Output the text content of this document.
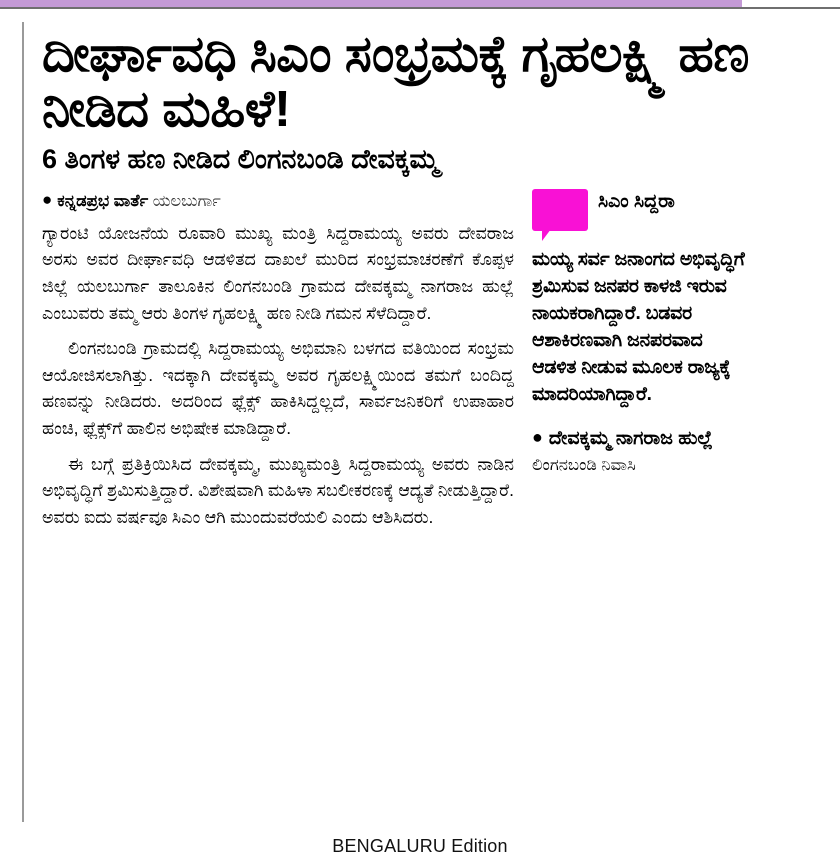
ದೀರ್ಘಾವಧಿ ಸಿಎಂ ಸಂಭ್ರಮಕ್ಕೆ ಗೃಹಲಕ್ಷ್ಮಿ ಹಣ ನೀಡಿದ ಮಹಿಳೆ!
6 ತಿಂಗಳ ಹಣ ನೀಡಿದ ಲಿಂಗನಬಂಡಿ ದೇವಕ್ಕಮ್ಮ
● ಕನ್ನಡಪ್ರಭ ವಾರ್ತೆ ಯಲಬುರ್ಗಾ

ಗ್ಯಾರಂಟಿ ಯೋಜನೆಯ ರೂವಾರಿ ಮುಖ್ಯ ಮಂತ್ರಿ ಸಿದ್ದರಾಮಯ್ಯ ಅವರು ದೇವರಾಜ ಅರಸು ಅವರ ದೀರ್ಘಾವಧಿ ಆಡಳಿತದ ದಾಖಲೆ ಮುರಿದ ಸಂಭ್ರಮಾಚರಣೆಗೆ ಕೊಪ್ಪಳ ಜಿಲ್ಲೆ ಯಲಬುರ್ಗಾ ತಾಲೂಕಿನ ಲಿಂಗನಬಂಡಿ ಗ್ರಾಮದ ದೇವಕ್ಕಮ್ಮ ನಾಗರಾಜ ಹುಲ್ಲೆ ಎಂಬುವರು ತಮ್ಮ ಆರು ತಿಂಗಳ ಗೃಹಲಕ್ಷ್ಮಿ ಹಣ ನೀಡಿ ಗಮನ ಸೆಳೆದಿದ್ದಾರೆ.

ಲಿಂಗನಬಂಡಿ ಗ್ರಾಮದಲ್ಲಿ ಸಿದ್ದರಾಮಯ್ಯ ಅಭಿಮಾನಿ ಬಳಗದ ವತಿಯಿಂದ ಸಂಭ್ರಮ ಆಯೋಜಿಸಲಾಗಿತ್ತು. ಇದಕ್ಕಾಗಿ ದೇವಕ್ಕಮ್ಮ ಅವರ ಗೃಹಲಕ್ಷ್ಮಿಯಿಂದ ತಮಗೆ ಬಂದಿದ್ದ ಹಣವನ್ನು ನೀಡಿದರು. ಅದರಿಂದ ಫ್ಲೆಕ್ಸ್ ಹಾಕಿಸಿದ್ದಲ್ಲದೆ, ಸಾರ್ವಜನಿಕರಿಗೆ ಉಪಾಹಾರ ಹಂಚಿ, ಫ್ಲೆಕ್ಸ್‌ಗೆ ಹಾಲಿನ ಅಭಿಷೇಕ ಮಾಡಿದ್ದಾರೆ.

ಈ ಬಗ್ಗೆ ಪ್ರತಿಕ್ರಿಯಿಸಿದ ದೇವಕ್ಕಮ್ಮ, ಮುಖ್ಯಮಂತ್ರಿ ಸಿದ್ದರಾಮಯ್ಯ ಅವರು ನಾಡಿನ ಅಭಿವೃದ್ಧಿಗೆ ಶ್ರಮಿಸುತ್ತಿದ್ದಾರೆ. ವಿಶೇಷವಾಗಿ ಮಹಿಳಾ ಸಬಲೀಕರಣಕ್ಕೆ ಆದ್ಯತೆ ನೀಡುತ್ತಿದ್ದಾರೆ. ಅವರು ಐದು ವರ್ಷವೂ ಸಿಎಂ ಆಗಿ ಮುಂದುವರೆಯಲಿ ಎಂದು ಆಶಿಸಿದರು.

ಸಿಎಂ ಸಿದ್ದರಾ

ಮಯ್ಯ ಸರ್ವ ಜನಾಂಗದ ಅಭಿವೃದ್ಧಿಗೆ ಶ್ರಮಿಸುವ ಜನಪರ ಕಾಳಜಿ ಇರುವ ನಾಯಕರಾಗಿದ್ದಾರೆ. ಬಡವರ ಆಶಾಕಿರಣವಾಗಿ ಜನಪರವಾದ ಆಡಳಿತ ನೀಡುವ ಮೂಲಕ ರಾಜ್ಯಕ್ಕೆ ಮಾದರಿಯಾಗಿದ್ದಾರೆ.

● ದೇವಕ್ಕಮ್ಮ ನಾಗರಾಜ ಹುಲ್ಲೆ
ಲಿಂಗನಬಂಡಿ ನಿವಾಸಿ
BENGALURU Edition
